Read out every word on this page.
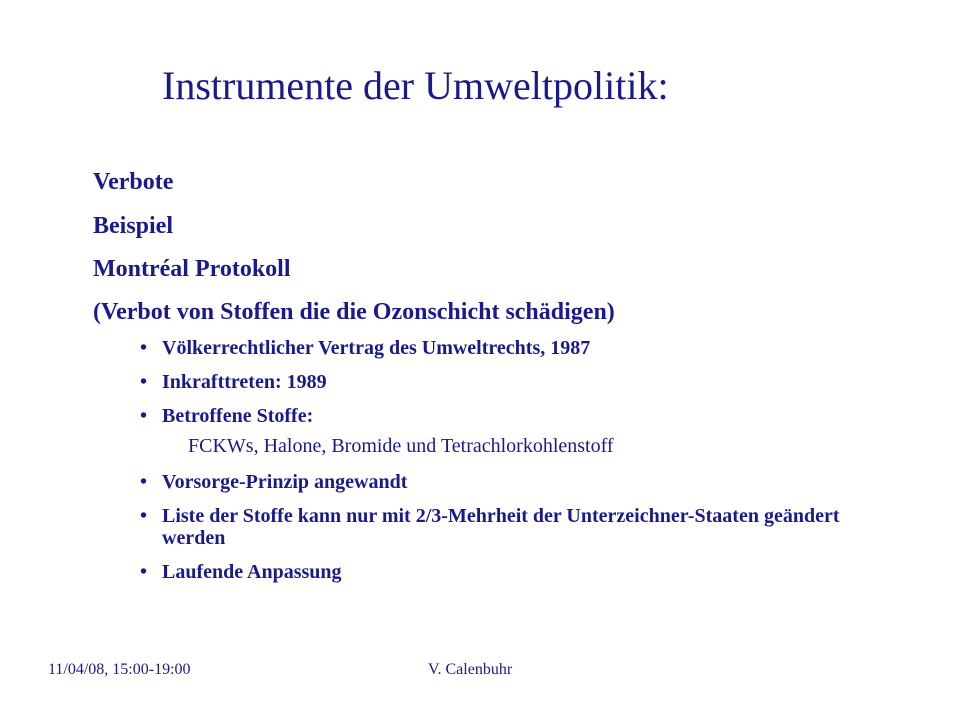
Instrumente der Umweltpolitik:
Verbote
Beispiel
Montréal Protokoll
(Verbot von Stoffen die die Ozonschicht schädigen)
• Völkerrechtlicher Vertrag des Umweltrechts, 1987
• Inkrafttreten: 1989
• Betroffene Stoffe:
FCKWs, Halone, Bromide und Tetrachlorkohlenstoff
• Vorsorge-Prinzip angewandt
• Liste der Stoffe kann nur mit 2/3-Mehrheit der Unterzeichner-Staaten geändert werden
• Laufende Anpassung
11/04/08, 15:00-19:00	V. Calenbuhr
